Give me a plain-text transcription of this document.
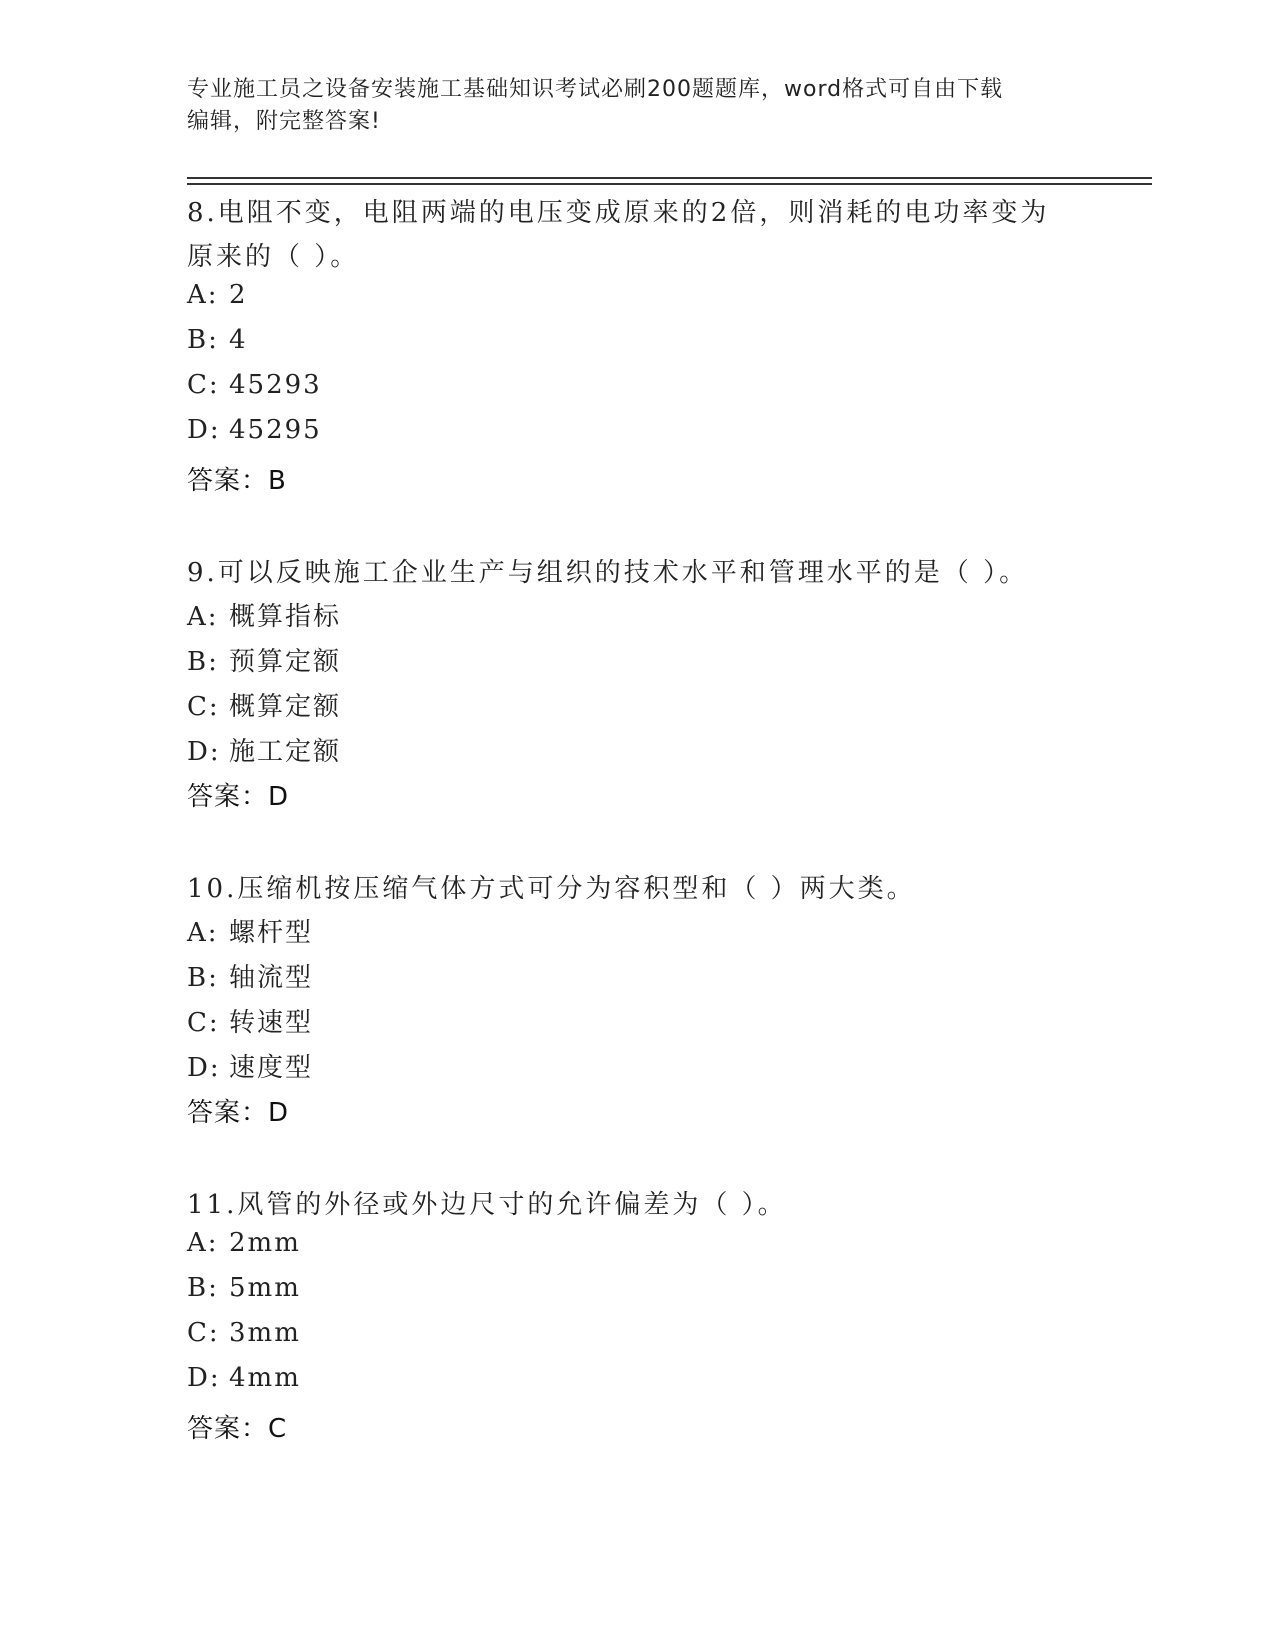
专业施工员之设备安装施工基础知识考试必刷200题题库，word格式可自由下载
编辑，附完整答案!
8.电阻不变，电阻两端的电压变成原来的2倍，则消耗的电功率变为
原来的（ ）。
A: 2
B: 4
C: 45293
D: 45295
答案：B
9.可以反映施工企业生产与组织的技术水平和管理水平的是（ ）。
A: 概算指标
B: 预算定额
C: 概算定额
D: 施工定额
答案：D
10.压缩机按压缩气体方式可分为容积型和（ ）两大类。
A: 螺杆型
B: 轴流型
C: 转速型
D: 速度型
答案：D
11.风管的外径或外边尺寸的允许偏差为（ ）。
A: 2mm
B: 5mm
C: 3mm
D: 4mm
答案：C
